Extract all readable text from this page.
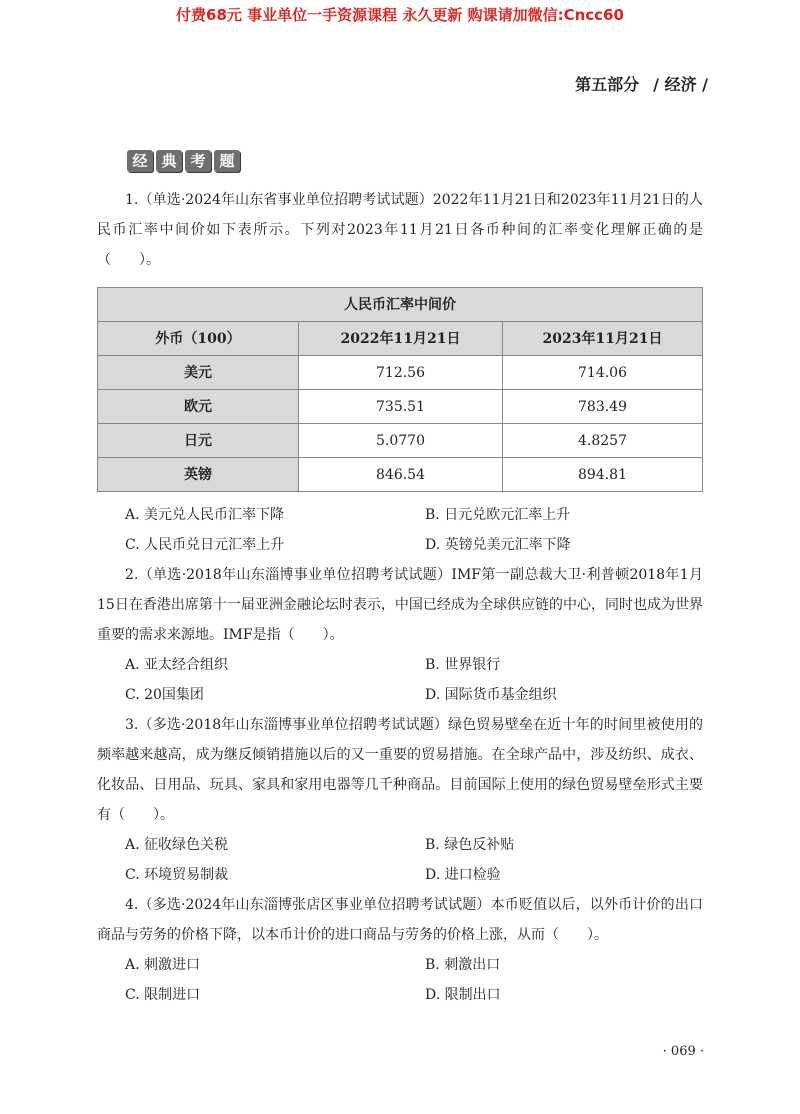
付费68元 事业单位一手资源课程 永久更新 购课请加微信:Cncc60
第五部分 / 经济 /
经 典 考 题

1.（单选·2024年山东省事业单位招聘考试试题）2022年11月21日和2023年11月21日的人民币汇率中间价如下表所示。下列对2023年11月21日各币种间的汇率变化理解正确的是（　　）。

人民币汇率中间价		
外币（100）	2022年11月21日	2023年11月21日
美元	712.56	714.06
欧元	735.51	783.49
日元	5.0770	4.8257
英镑	846.54	894.81
A. 美元兑人民币汇率下降	B. 日元兑欧元汇率上升
C. 人民币兑日元汇率上升	D. 英镑兑美元汇率下降

2.（单选·2018年山东淄博事业单位招聘考试试题）IMF第一副总裁大卫·利普顿2018年1月15日在香港出席第十一届亚洲金融论坛时表示，中国已经成为全球供应链的中心，同时也成为世界重要的需求来源地。IMF是指（　　）。

A. 亚太经合组织	B. 世界银行
C. 20国集团	D. 国际货币基金组织

3.（多选·2018年山东淄博事业单位招聘考试试题）绿色贸易壁垒在近十年的时间里被使用的频率越来越高，成为继反倾销措施以后的又一重要的贸易措施。在全球产品中，涉及纺织、成衣、化妆品、日用品、玩具、家具和家用电器等几千种商品。目前国际上使用的绿色贸易壁垒形式主要有（　　）。

A. 征收绿色关税	B. 绿色反补贴
C. 环境贸易制裁	D. 进口检验

4.（多选·2024年山东淄博张店区事业单位招聘考试试题）本币贬值以后，以外币计价的出口商品与劳务的价格下降，以本币计价的进口商品与劳务的价格上涨，从而（　　）。

A. 刺激进口	B. 刺激出口
C. 限制进口	D. 限制出口
· 069 ·
